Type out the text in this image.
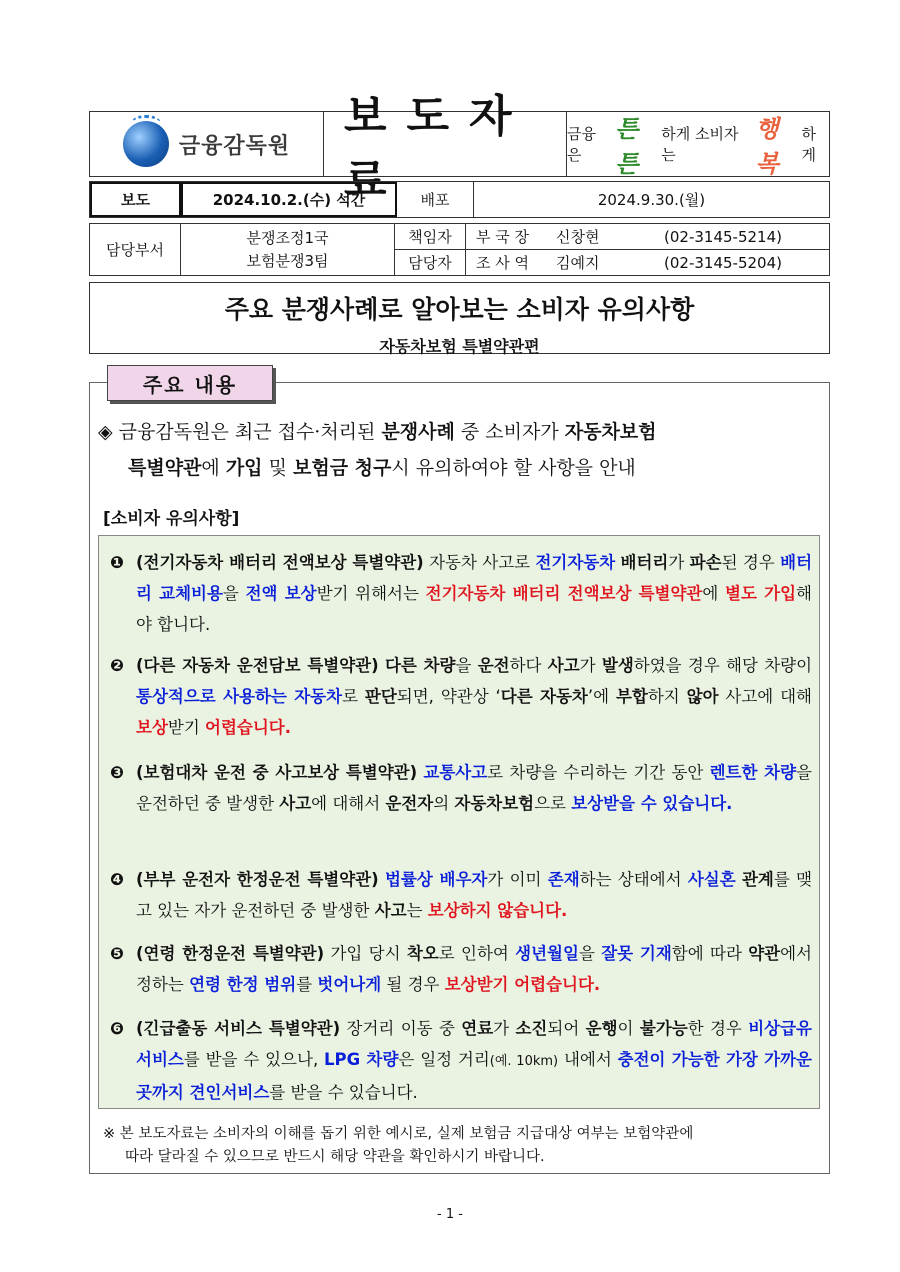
금융감독원
보도자료
금융은

튼튼
하게 소비자는

행복
하게
보도	2024.10.2.(수) 석간	배포	2024.9.30.(월)
담당부서
분쟁조정1국
보험분쟁3팀
책임자	부 국 장	신창현	(02-3145-5214)
담당자	조 사 역	김예지	(02-3145-5204)
주요 분쟁사례로 알아보는 소비자 유의사항
자동차보험 특별약관편
주요 내용
◈ 금융감독원은 최근 접수·처리된 분쟁사례 중 소비자가 자동차보험
특별약관에 가입 및 보험금 청구시 유의하여야 할 사항을 안내
[소비자 유의사항]
❶ (전기자동차 배터리 전액보상 특별약관) 자동차 사고로 전기자동차 배터리가 파손된 경우 배터리 교체비용을 전액 보상받기 위해서는 전기자동차 배터리 전액보상 특별약관에 별도 가입해야 합니다.
❷ (다른 자동차 운전담보 특별약관) 다른 차량을 운전하다 사고가 발생하였을 경우 해당 차량이 통상적으로 사용하는 자동차로 판단되면, 약관상 ‘다른 자동차’에 부합하지 않아 사고에 대해 보상받기 어렵습니다.
❸ (보험대차 운전 중 사고보상 특별약관) 교통사고로 차량을 수리하는 기간 동안 렌트한 차량을 운전하던 중 발생한 사고에 대해서 운전자의 자동차보험으로 보상받을 수 있습니다.
❹ (부부 운전자 한정운전 특별약관) 법률상 배우자가 이미 존재하는 상태에서 사실혼 관계를 맺고 있는 자가 운전하던 중 발생한 사고는 보상하지 않습니다.
❺ (연령 한정운전 특별약관) 가입 당시 착오로 인하여 생년월일을 잘못 기재함에 따라 약관에서 정하는 연령 한정 범위를 벗어나게 될 경우 보상받기 어렵습니다.
❻ (긴급출동 서비스 특별약관) 장거리 이동 중 연료가 소진되어 운행이 불가능한 경우 비상급유 서비스를 받을 수 있으나, LPG 차량은 일정 거리(예. 10km) 내에서 충전이 가능한 가장 가까운 곳까지 견인서비스를 받을 수 있습니다.
※ 본 보도자료는 소비자의 이해를 돕기 위한 예시로, 실제 보험금 지급대상 여부는 보험약관에
따라 달라질 수 있으므로 반드시 해당 약관을 확인하시기 바랍니다.
- 1 -
